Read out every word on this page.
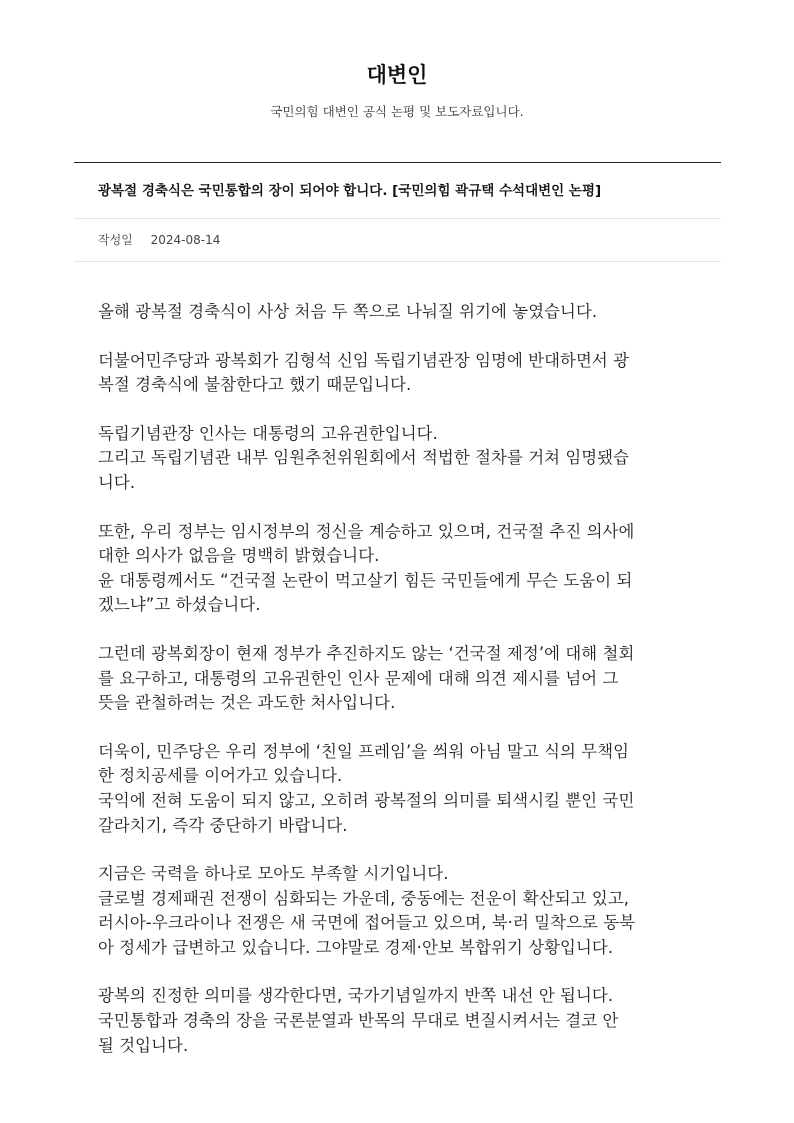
대변인

국민의힘 대변인 공식 논평 및 보도자료입니다.

광복절 경축식은 국민통합의 장이 되어야 합니다. [국민의힘 곽규택 수석대변인 논평]
작성일 2024-08-14

올해 광복절 경축식이 사상 처음 두 쪽으로 나눠질 위기에 놓였습니다.

더불어민주당과 광복회가 김형석 신임 독립기념관장 임명에 반대하면서 광
복절 경축식에 불참한다고 했기 때문입니다.

독립기념관장 인사는 대통령의 고유권한입니다.
그리고 독립기념관 내부 임원추천위원회에서 적법한 절차를 거쳐 임명됐습
니다.

또한, 우리 정부는 임시정부의 정신을 계승하고 있으며, 건국절 추진 의사에
대한 의사가 없음을 명백히 밝혔습니다.
윤 대통령께서도 “건국절 논란이 먹고살기 힘든 국민들에게 무슨 도움이 되
겠느냐”고 하셨습니다.

그런데 광복회장이 현재 정부가 추진하지도 않는 ‘건국절 제정’에 대해 철회
를 요구하고, 대통령의 고유권한인 인사 문제에 대해 의견 제시를 넘어 그
뜻을 관철하려는 것은 과도한 처사입니다.

더욱이, 민주당은 우리 정부에 ‘친일 프레임’을 씌워 아님 말고 식의 무책임
한 정치공세를 이어가고 있습니다.
국익에 전혀 도움이 되지 않고, 오히려 광복절의 의미를 퇴색시킬 뿐인 국민
갈라치기, 즉각 중단하기 바랍니다.

지금은 국력을 하나로 모아도 부족할 시기입니다.
글로벌 경제패권 전쟁이 심화되는 가운데, 중동에는 전운이 확산되고 있고,
러시아-우크라이나 전쟁은 새 국면에 접어들고 있으며, 북·러 밀착으로 동북
아 정세가 급변하고 있습니다. 그야말로 경제·안보 복합위기 상황입니다.

광복의 진정한 의미를 생각한다면, 국가기념일까지 반쪽 내선 안 됩니다.
국민통합과 경축의 장을 국론분열과 반목의 무대로 변질시켜서는 결코 안
될 것입니다.
